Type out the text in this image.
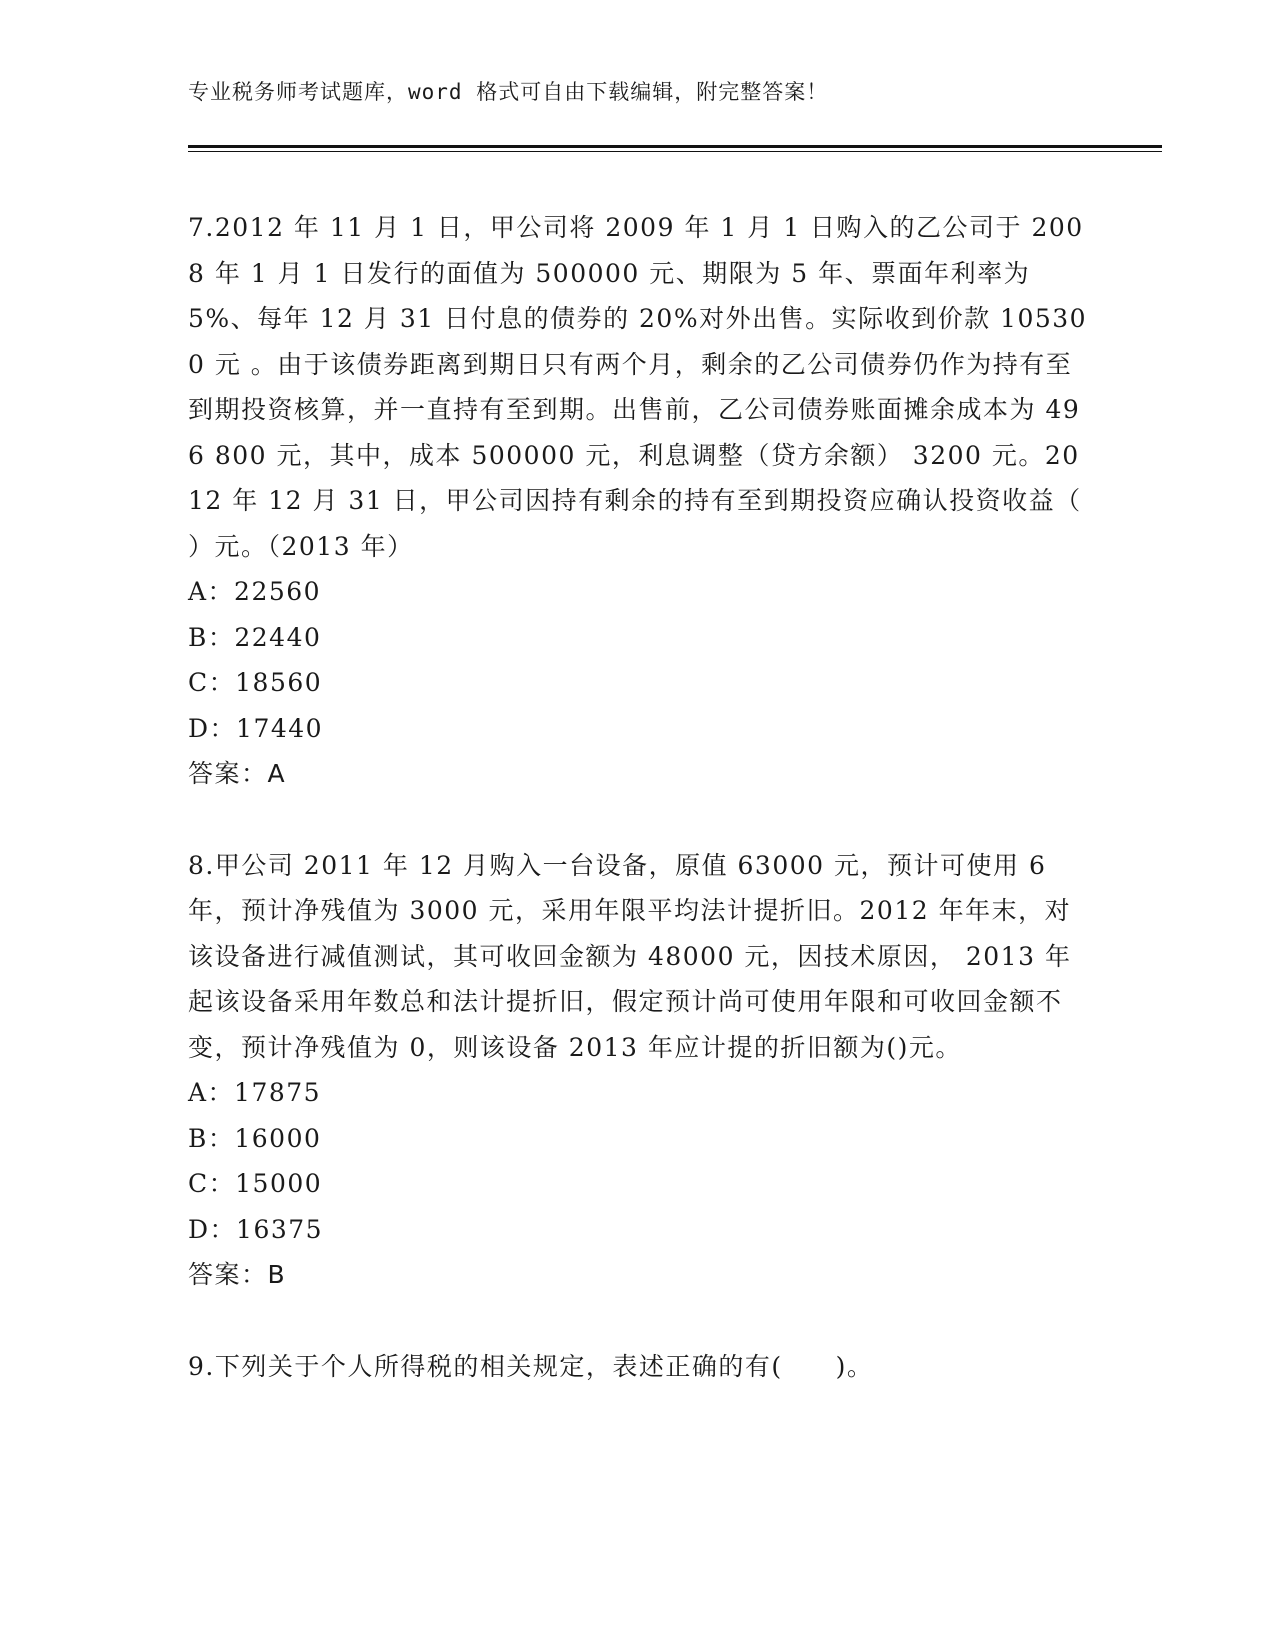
专业税务师考试题库，word 格式可自由下载编辑，附完整答案！

7.2012 年 11 月 1 日，甲公司将 2009 年 1 月 1 日购入的乙公司于 2008 年 1 月 1 日发行的面值为 500000 元、期限为 5 年、票面年利率为 5%、每年 12 月 31 日付息的债券的 20%对外出售。实际收到价款 105300 元 。由于该债券距离到期日只有两个月，剩余的乙公司债券仍作为持有至到期投资核算，并一直持有至到期。出售前，乙公司债券账面摊余成本为 496 800 元，其中，成本 500000 元，利息调整（贷方余额） 3200 元。2012 年 12 月 31 日，甲公司因持有剩余的持有至到期投资应确认投资收益（ ）元。（2013 年）

A：22560

B：22440

C：18560

D：17440

答案：A

8.甲公司 2011 年 12 月购入一台设备，原值 63000 元，预计可使用 6 年，预计净残值为 3000 元，采用年限平均法计提折旧。2012 年年末，对该设备进行减值测试，其可收回金额为 48000 元，因技术原因， 2013 年起该设备采用年数总和法计提折旧，假定预计尚可使用年限和可收回金额不变，预计净残值为 0，则该设备 2013 年应计提的折旧额为()元。

A：17875

B：16000

C：15000

D：16375

答案：B

9.下列关于个人所得税的相关规定，表述正确的有(　　)。
